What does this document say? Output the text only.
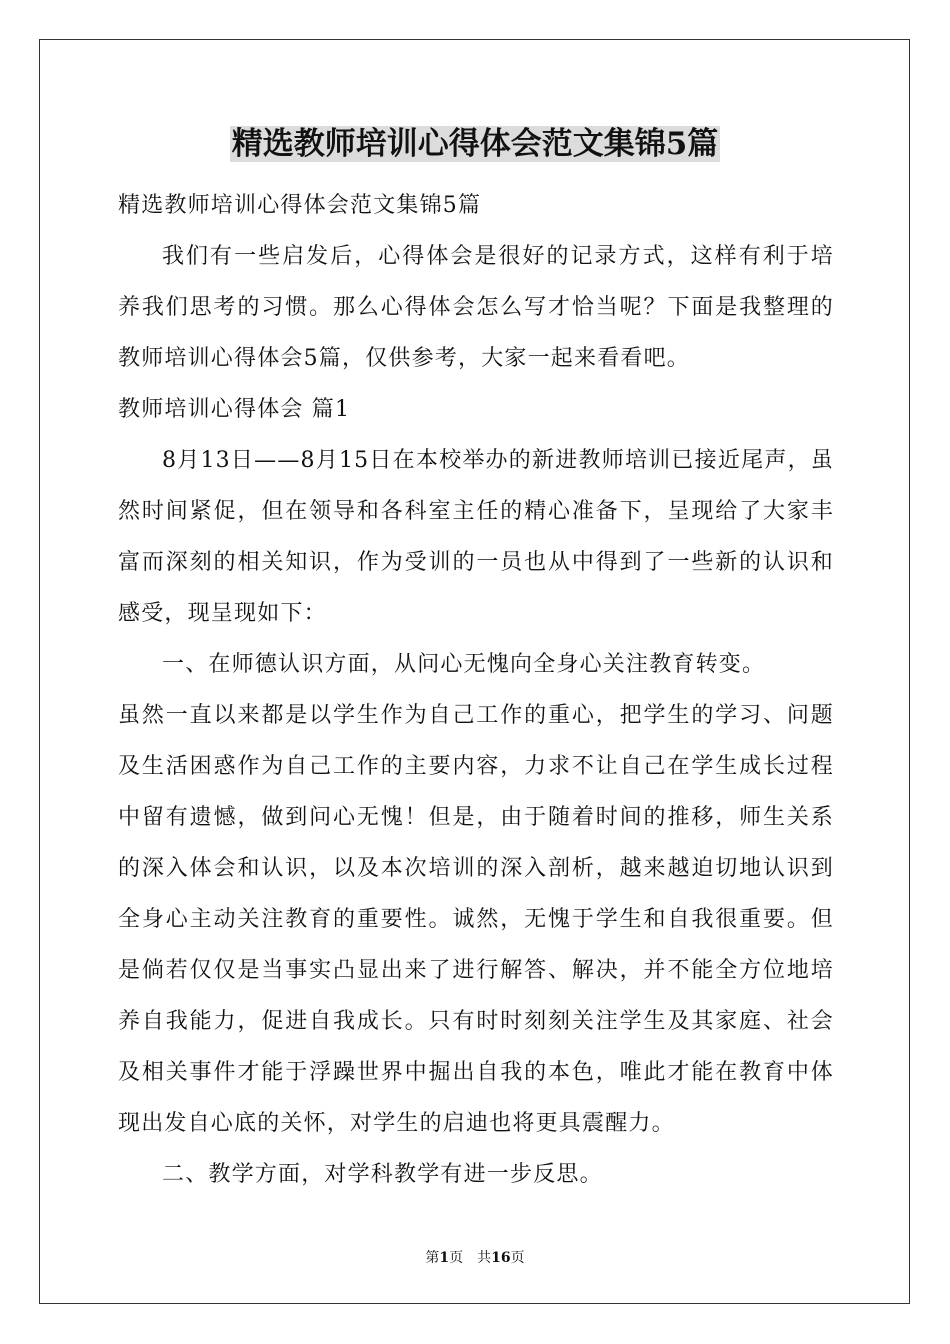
精选教师培训心得体会范文集锦5篇

精选教师培训心得体会范文集锦5篇

我们有一些启发后，心得体会是很好的记录方式，这样有利于培养我们思考的习惯。那么心得体会怎么写才恰当呢？下面是我整理的教师培训心得体会5篇，仅供参考，大家一起来看看吧。

教师培训心得体会 篇1

8月13日——8月15日在本校举办的新进教师培训已接近尾声，虽然时间紧促，但在领导和各科室主任的精心准备下，呈现给了大家丰富而深刻的相关知识，作为受训的一员也从中得到了一些新的认识和感受，现呈现如下：

一、在师德认识方面，从问心无愧向全身心关注教育转变。

虽然一直以来都是以学生作为自己工作的重心，把学生的学习、问题及生活困惑作为自己工作的主要内容，力求不让自己在学生成长过程中留有遗憾，做到问心无愧！但是，由于随着时间的推移，师生关系的深入体会和认识，以及本次培训的深入剖析，越来越迫切地认识到全身心主动关注教育的重要性。诚然，无愧于学生和自我很重要。但是倘若仅仅是当事实凸显出来了进行解答、解决，并不能全方位地培养自我能力，促进自我成长。只有时时刻刻关注学生及其家庭、社会及相关事件才能于浮躁世界中掘出自我的本色，唯此才能在教育中体现出发自心底的关怀，对学生的启迪也将更具震醒力。

二、教学方面，对学科教学有进一步反思。

第1页　共16页
